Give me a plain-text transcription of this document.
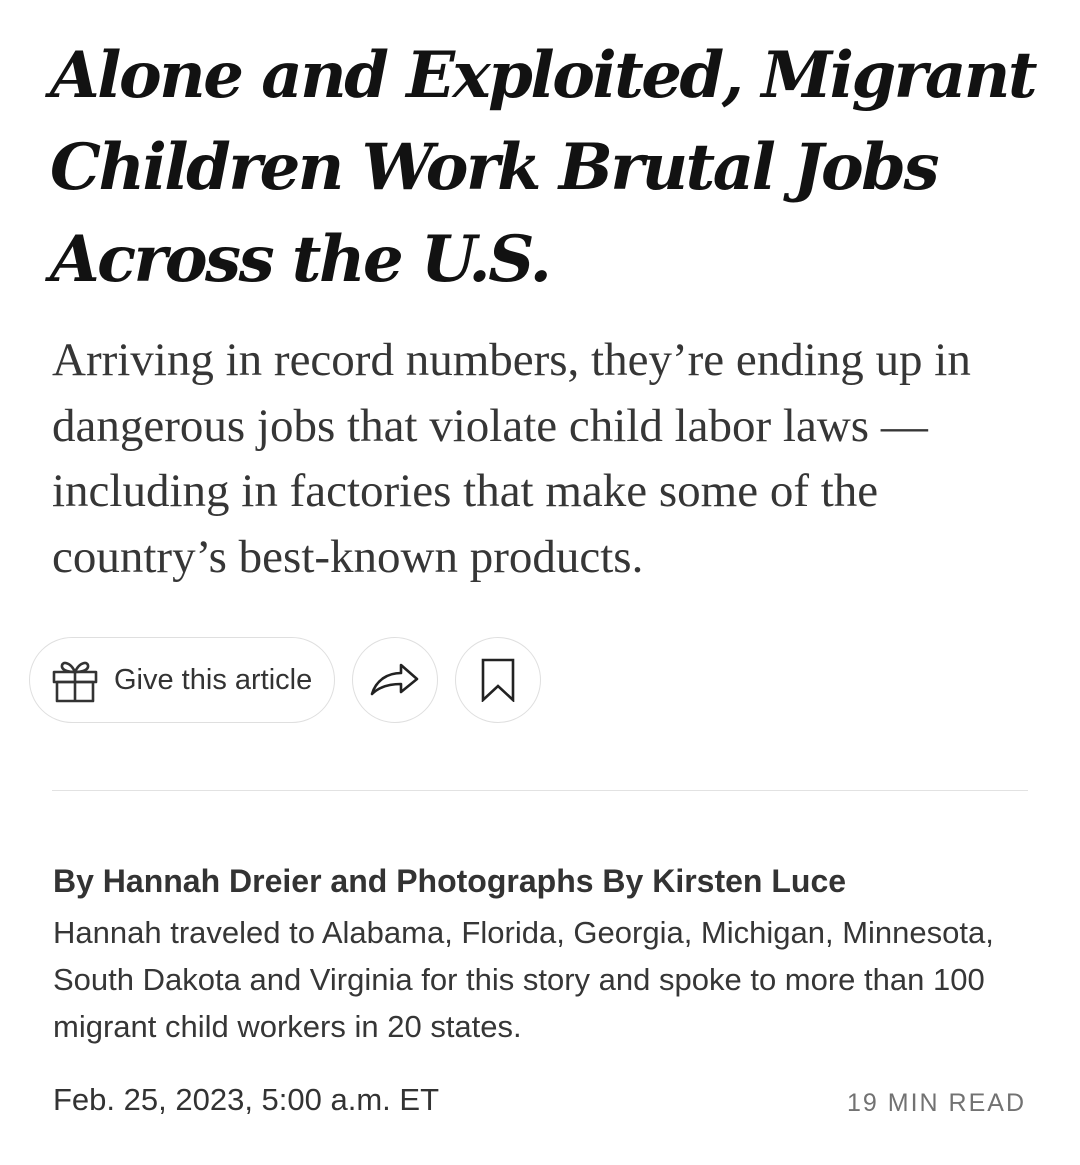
Alone and Exploited, Migrant Children Work Brutal Jobs Across the U.S.

Arriving in record numbers, they’re ending up in dangerous jobs that violate child labor laws — including in factories that make some of the country’s best-known products.

Give this article
By Hannah Dreier and Photographs By Kirsten Luce

Hannah traveled to Alabama, Florida, Georgia, Michigan, Minnesota, South Dakota and Virginia for this story and spoke to more than 100 migrant child workers in 20 states.

Feb. 25, 2023, 5:00 a.m. ET	19 MIN READ
